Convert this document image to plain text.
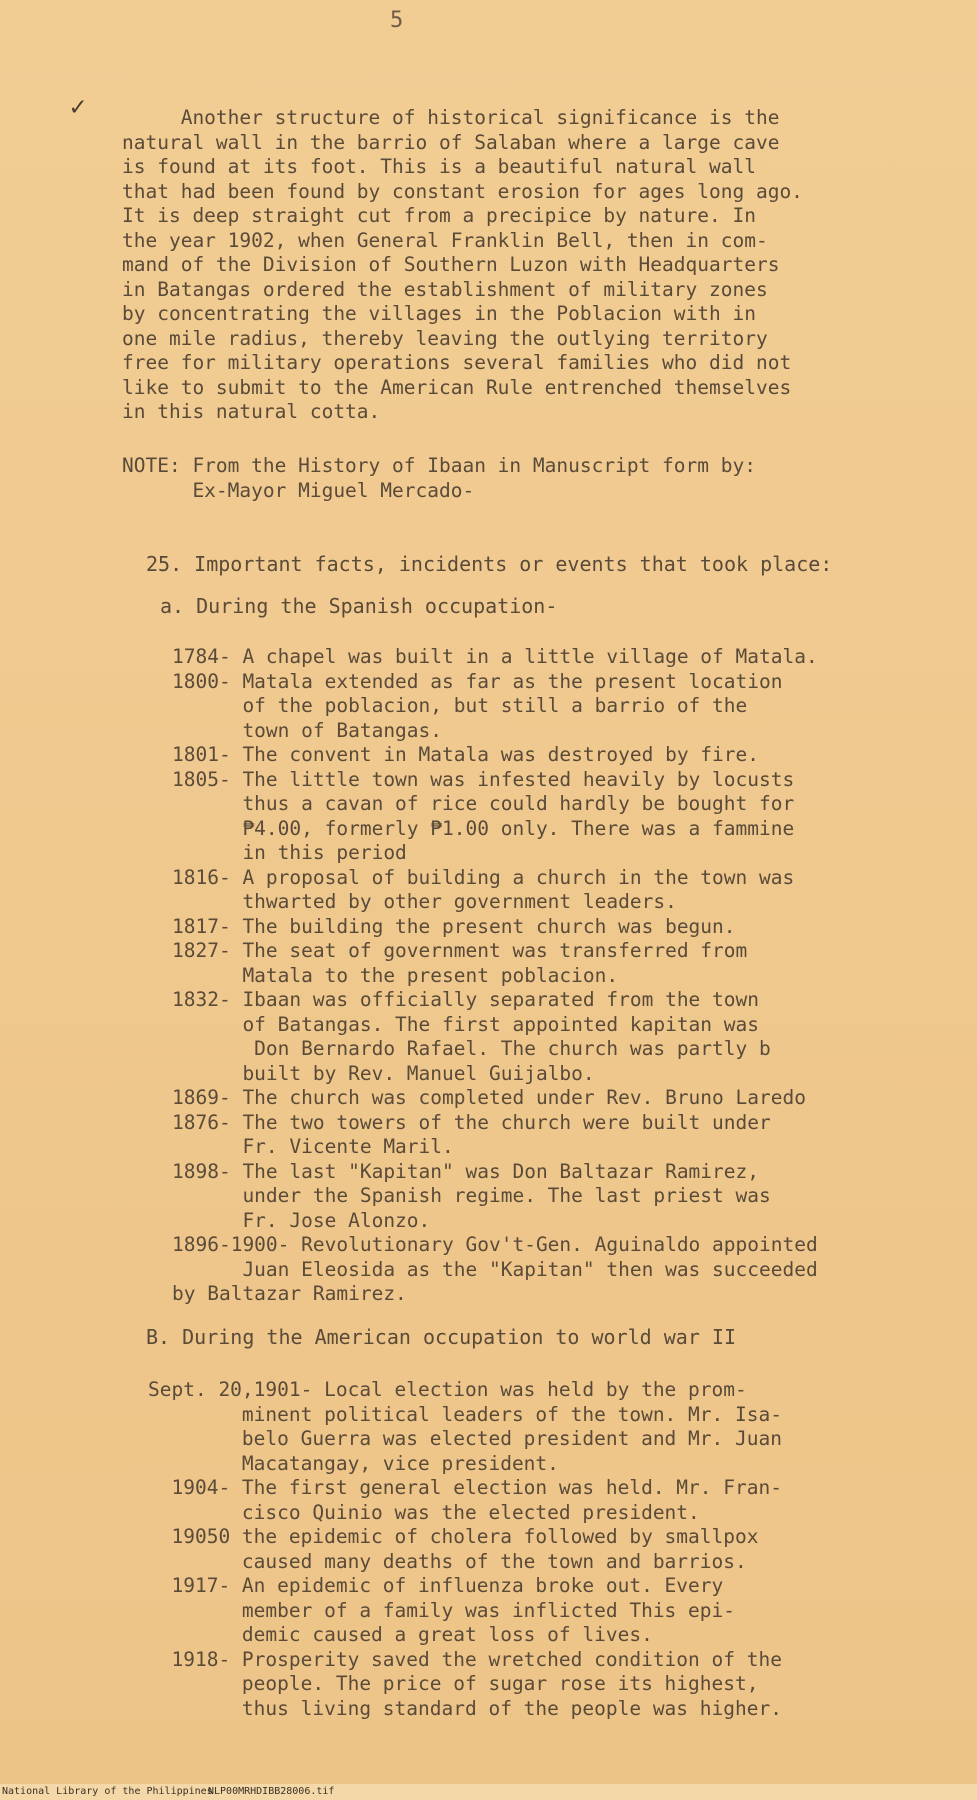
5
✓ Another structure of historical significance is the
natural wall in the barrio of Salaban where a large cave
is found at its foot. This is a beautiful natural wall
that had been found by constant erosion for ages long ago.
It is deep straight cut from a precipice by nature. In
the year 1902, when General Franklin Bell, then in com-
mand of the Division of Southern Luzon with Headquarters
in Batangas ordered the establishment of military zones
by concentrating the villages in the Poblacion with in
one mile radius, thereby leaving the outlying territory
free for military operations several families who did not
like to submit to the American Rule entrenched themselves
in this natural cotta.
NOTE: From the History of Ibaan in Manuscript form by:
Ex-Mayor Miguel Mercado-
25. Important facts, incidents or events that took place:
a. During the Spanish occupation-
1784- A chapel was built in a little village of Matala.
1800- Matala extended as far as the present location
of the poblacion, but still a barrio of the
town of Batangas.
1801- The convent in Matala was destroyed by fire.
1805- The little town was infested heavily by locusts
thus a cavan of rice could hardly be bought for
₱4.00, formerly ₱1.00 only. There was a fammine
in this period
1816- A proposal of building a church in the town was
thwarted by other government leaders.
1817- The building the present church was begun.
1827- The seat of government was transferred from
Matala to the present poblacion.
1832- Ibaan was officially separated from the town
of Batangas. The first appointed kapitan was
Don Bernardo Rafael. The church was partly b
built by Rev. Manuel Guijalbo.
1869- The church was completed under Rev. Bruno Laredo
1876- The two towers of the church were built under
Fr. Vicente Maril.
1898- The last "Kapitan" was Don Baltazar Ramirez,
under the Spanish regime. The last priest was
Fr. Jose Alonzo.
1896-1900- Revolutionary Gov't-Gen. Aguinaldo appointed
Juan Eleosida as the "Kapitan" then was succeeded
by Baltazar Ramirez.
B. During the American occupation to world war II
Sept. 20,1901- Local election was held by the prom-
minent political leaders of the town. Mr. Isa-
belo Guerra was elected president and Mr. Juan
Macatangay, vice president.
1904- The first general election was held. Mr. Fran-
cisco Quinio was the elected president.
19050 the epidemic of cholera followed by smallpox
caused many deaths of the town and barrios.
1917- An epidemic of influenza broke out. Every
member of a family was inflicted This epi-
demic caused a great loss of lives.
1918- Prosperity saved the wretched condition of the
people. The price of sugar rose its highest,
thus living standard of the people was higher.
National Library of the Philippines
NLP00MRHDIBB28006.tif
